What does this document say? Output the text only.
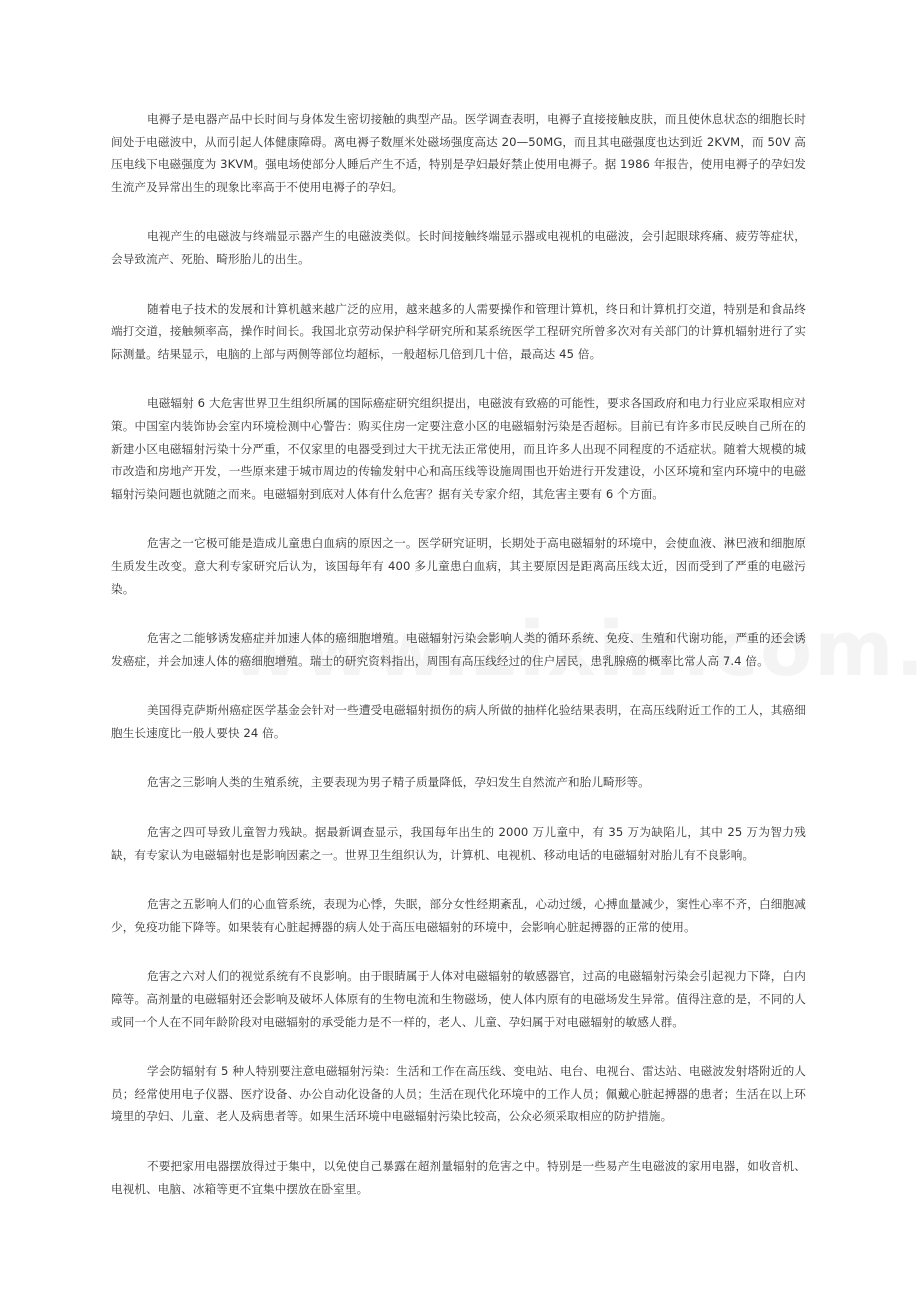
电褥子是电器产品中长时间与身体发生密切接触的典型产品。医学调查表明，电褥子直接接触皮肤，而且使休息状态的细胞长时间处于电磁波中，从而引起人体健康障碍。离电褥子数厘米处磁场强度高达 20—50MG，而且其电磁强度也达到近 2KVM，而 50V 高压电线下电磁强度为 3KVM。强电场使部分人睡后产生不适，特别是孕妇最好禁止使用电褥子。据 1986 年报告，使用电褥子的孕妇发生流产及异常出生的现象比率高于不使用电褥子的孕妇。

电视产生的电磁波与终端显示器产生的电磁波类似。长时间接触终端显示器或电视机的电磁波，会引起眼球疼痛、疲劳等症状，会导致流产、死胎、畸形胎儿的出生。

随着电子技术的发展和计算机越来越广泛的应用，越来越多的人需要操作和管理计算机，终日和计算机打交道，特别是和食品终端打交道，接触频率高，操作时间长。我国北京劳动保护科学研究所和某系统医学工程研究所曾多次对有关部门的计算机辐射进行了实际测量。结果显示，电脑的上部与两侧等部位均超标，一般超标几倍到几十倍，最高达 45 倍。

电磁辐射 6 大危害世界卫生组织所属的国际癌症研究组织提出，电磁波有致癌的可能性，要求各国政府和电力行业应采取相应对策。中国室内装饰协会室内环境检测中心警告：购买住房一定要注意小区的电磁辐射污染是否超标。目前已有许多市民反映自己所在的新建小区电磁辐射污染十分严重，不仅家里的电器受到过大干扰无法正常使用，而且许多人出现不同程度的不适症状。随着大规模的城市改造和房地产开发，一些原来建于城市周边的传输发射中心和高压线等设施周围也开始进行开发建设，小区环境和室内环境中的电磁辐射污染问题也就随之而来。电磁辐射到底对人体有什么危害？据有关专家介绍，其危害主要有 6 个方面。

危害之一它极可能是造成儿童患白血病的原因之一。医学研究证明，长期处于高电磁辐射的环境中，会使血液、淋巴液和细胞原生质发生改变。意大利专家研究后认为，该国每年有 400 多儿童患白血病，其主要原因是距离高压线太近，因而受到了严重的电磁污染。

危害之二能够诱发癌症并加速人体的癌细胞增殖。电磁辐射污染会影响人类的循环系统、免疫、生殖和代谢功能，严重的还会诱发癌症，并会加速人体的癌细胞增殖。瑞士的研究资料指出，周围有高压线经过的住户居民，患乳腺癌的概率比常人高 7.4 倍。

美国得克萨斯州癌症医学基金会针对一些遭受电磁辐射损伤的病人所做的抽样化验结果表明，在高压线附近工作的工人，其癌细胞生长速度比一般人要快 24 倍。

危害之三影响人类的生殖系统，主要表现为男子精子质量降低，孕妇发生自然流产和胎儿畸形等。

危害之四可导致儿童智力残缺。据最新调查显示，我国每年出生的 2000 万儿童中，有 35 万为缺陷儿，其中 25 万为智力残缺，有专家认为电磁辐射也是影响因素之一。世界卫生组织认为，计算机、电视机、移动电话的电磁辐射对胎儿有不良影响。

危害之五影响人们的心血管系统，表现为心悸，失眠，部分女性经期紊乱，心动过缓，心搏血量减少，窦性心率不齐，白细胞减少，免疫功能下降等。如果装有心脏起搏器的病人处于高压电磁辐射的环境中，会影响心脏起搏器的正常的使用。

危害之六对人们的视觉系统有不良影响。由于眼睛属于人体对电磁辐射的敏感器官，过高的电磁辐射污染会引起视力下降，白内障等。高剂量的电磁辐射还会影响及破坏人体原有的生物电流和生物磁场，使人体内原有的电磁场发生异常。值得注意的是，不同的人或同一个人在不同年龄阶段对电磁辐射的承受能力是不一样的，老人、儿童、孕妇属于对电磁辐射的敏感人群。

学会防辐射有 5 种人特别要注意电磁辐射污染：生活和工作在高压线、变电站、电台、电视台、雷达站、电磁波发射塔附近的人员；经常使用电子仪器、医疗设备、办公自动化设备的人员；生活在现代化环境中的工作人员；佩戴心脏起搏器的患者；生活在以上环境里的孕妇、儿童、老人及病患者等。如果生活环境中电磁辐射污染比较高，公众必须采取相应的防护措施。

不要把家用电器摆放得过于集中，以免使自己暴露在超剂量辐射的危害之中。特别是一些易产生电磁波的家用电器，如收音机、电视机、电脑、冰箱等更不宜集中摆放在卧室里。
